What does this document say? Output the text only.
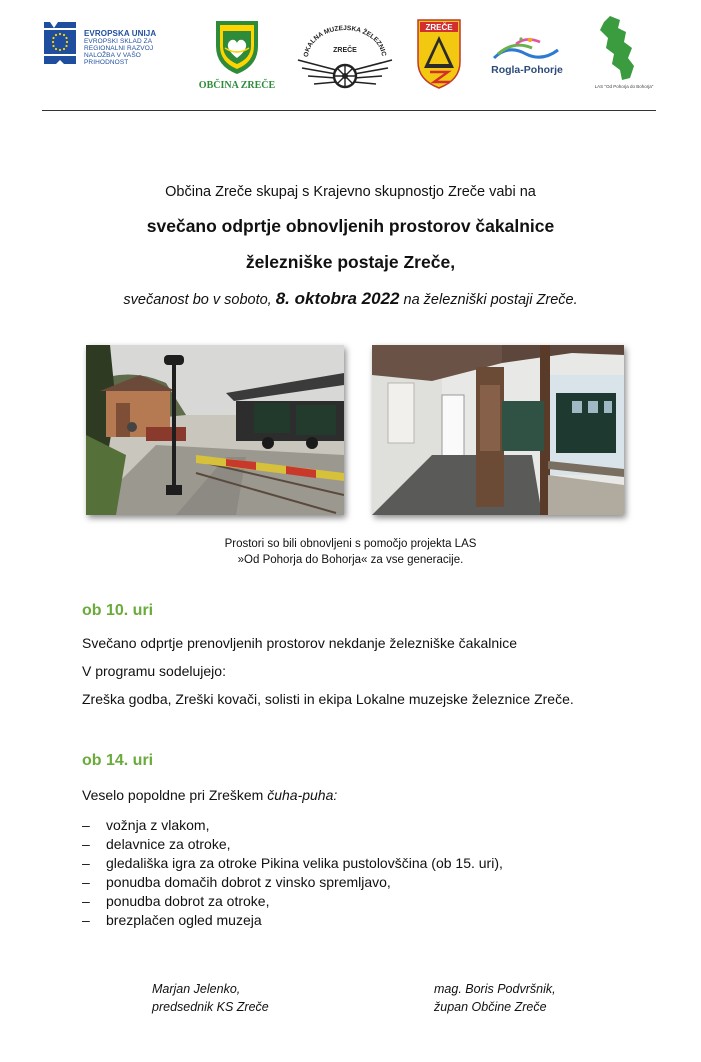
EVROPSKA UNIJA
EVROPSKI SKLAD ZA
REGIONALNI RAZVOJ
NALOŽBA V VAŠO PRIHODNOST
OBČINA ZREČE
OKALNA MUZEJSKA ŽELEZNIC
ZREČE
ZREČE
Rogla-Pohorje
LAS "Od Pohorja do Bohorja"
Občina Zreče skupaj s Krajevno skupnostjo Zreče vabi na
svečano odprtje obnovljenih prostorov čakalnice
železniške postaje Zreče,
svečanost bo v soboto, 8. oktobra 2022 na železniški postaji Zreče.
Prostori so bili obnovljeni s pomočjo projekta LAS
»Od Pohorja do Bohorja« za vse generacije.
ob 10. uri
Svečano odprtje prenovljenih prostorov nekdanje železniške čakalnice
V programu sodelujejo:
Zreška godba, Zreški kovači, solisti in ekipa Lokalne muzejske železnice Zreče.
ob 14. uri
Veselo popoldne pri Zreškem čuha-puha:
– vožnja z vlakom,
– delavnice za otroke,
– gledališka igra za otroke Pikina velika pustolovščina (ob 15. uri),
– ponudba domačih dobrot z vinsko spremljavo,
– ponudba dobrot za otroke,
– brezplačen ogled muzeja
Marjan Jelenko,
predsednik KS Zreče
mag. Boris Podvršnik,
župan Občine Zreče
